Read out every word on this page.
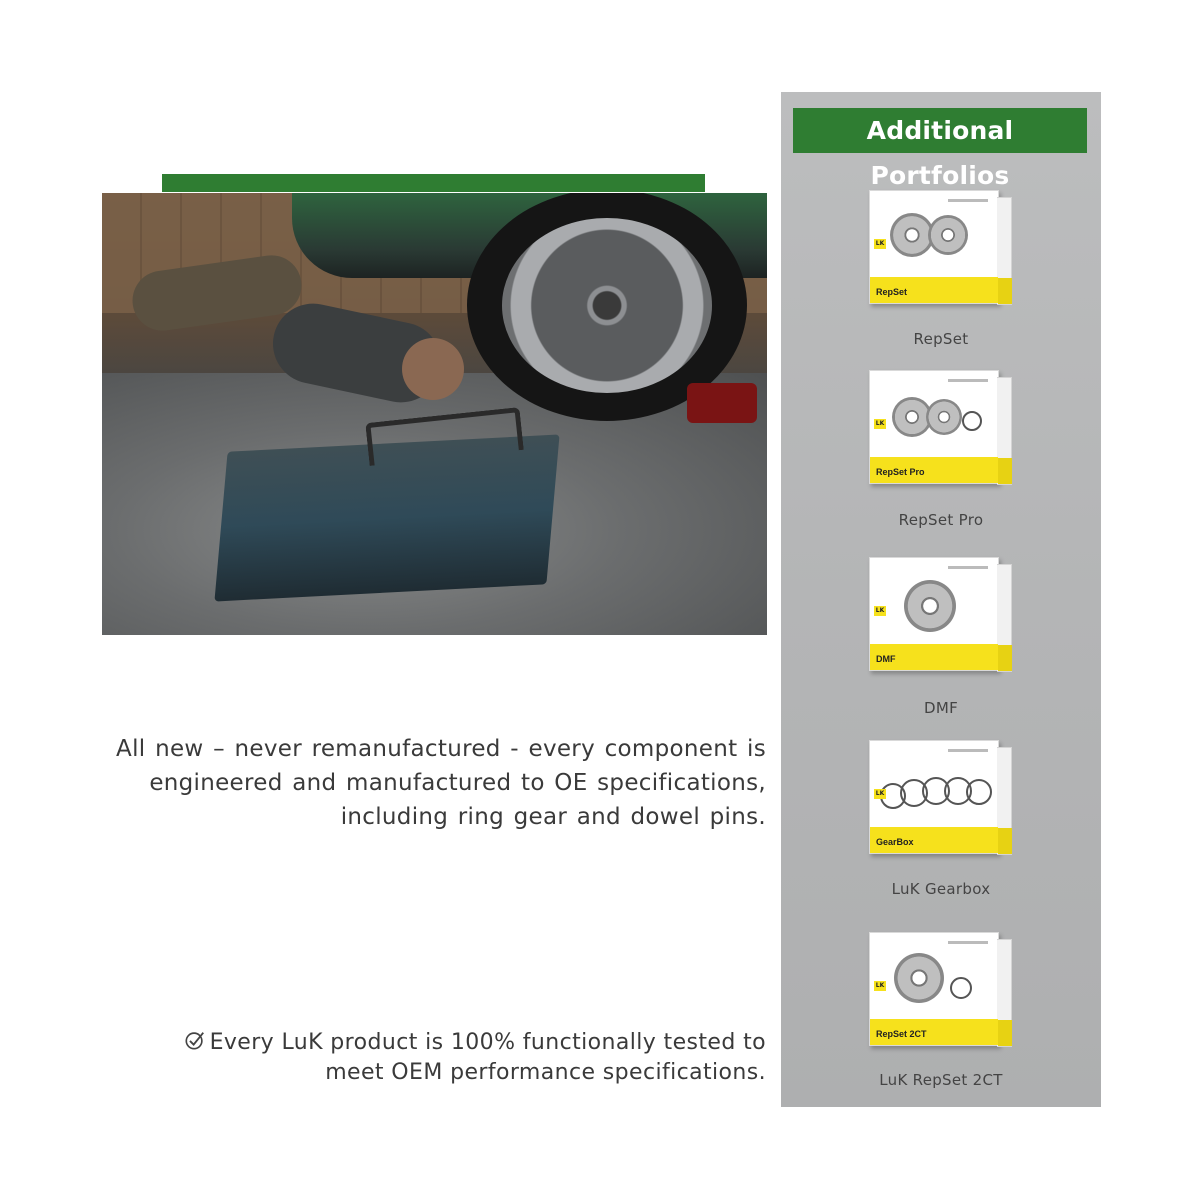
All new – never remanufactured - every component is engineered and manufactured to OE specifications, including ring gear and dowel pins.
Every LuK product is 100% functionally tested to meet OEM performance specifications.
Additional Portfolios
LK
RepSet
RepSet
LK
RepSet Pro
RepSet Pro
LK
DMF
DMF
LK
GearBox
LuK Gearbox
LK
RepSet 2CT
LuK RepSet 2CT
